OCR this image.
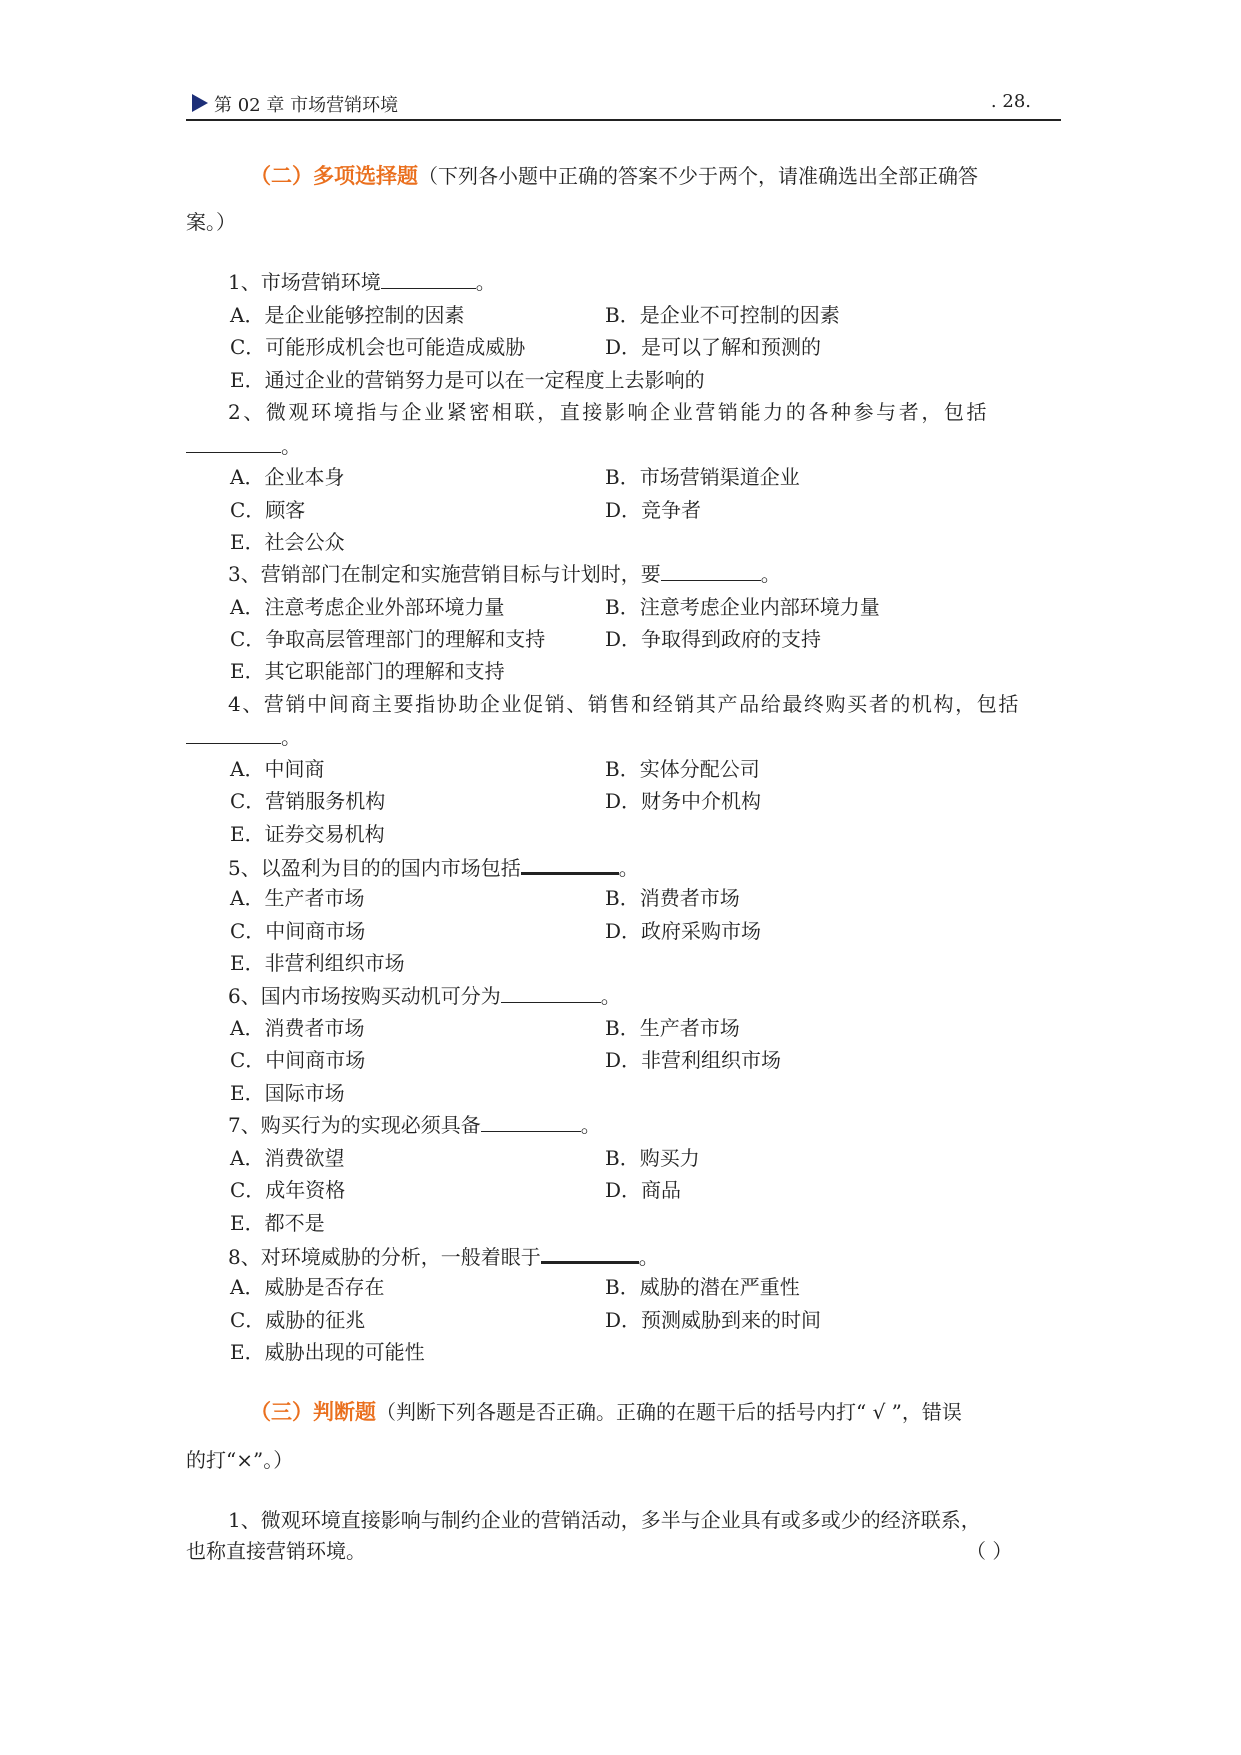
第 02 章 市场营销环境	. 28.
（二）多项选择题（下列各小题中正确的答案不少于两个，请准确选出全部正确答
案。）
1、市场营销环境	。
A．是企业能够控制的因素	B．是企业不可控制的因素
C．可能形成机会也可能造成威胁	D．是可以了解和预测的
E．通过企业的营销努力是可以在一定程度上去影响的
2、微观环境指与企业紧密相联，直接影响企业营销能力的各种参与者，包括
。
A．企业本身	B．市场营销渠道企业
C．顾客	D．竞争者
E．社会公众
3、营销部门在制定和实施营销目标与计划时，要	。
A．注意考虑企业外部环境力量	B．注意考虑企业内部环境力量
C．争取高层管理部门的理解和支持	D．争取得到政府的支持
E．其它职能部门的理解和支持
4、营销中间商主要指协助企业促销、销售和经销其产品给最终购买者的机构，包括
。
A．中间商	B．实体分配公司
C．营销服务机构	D．财务中介机构
E．证券交易机构
5、以盈利为目的的国内市场包括	。
A．生产者市场	B．消费者市场
C．中间商市场	D．政府采购市场
E．非营利组织市场
6、国内市场按购买动机可分为	。
A．消费者市场	B．生产者市场
C．中间商市场	D．非营利组织市场
E．国际市场
7、购买行为的实现必须具备	。
A．消费欲望	B．购买力
C．成年资格	D．商品
E．都不是
8、对环境威胁的分析，一般着眼于	。
A．威胁是否存在	B．威胁的潜在严重性
C．威胁的征兆	D．预测威胁到来的时间
E．威胁出现的可能性
（三）判断题（判断下列各题是否正确。正确的在题干后的括号内打“ √ ”，错误
的打“×”。）
1、微观环境直接影响与制约企业的营销活动，多半与企业具有或多或少的经济联系，
也称直接营销环境。	（ ）
